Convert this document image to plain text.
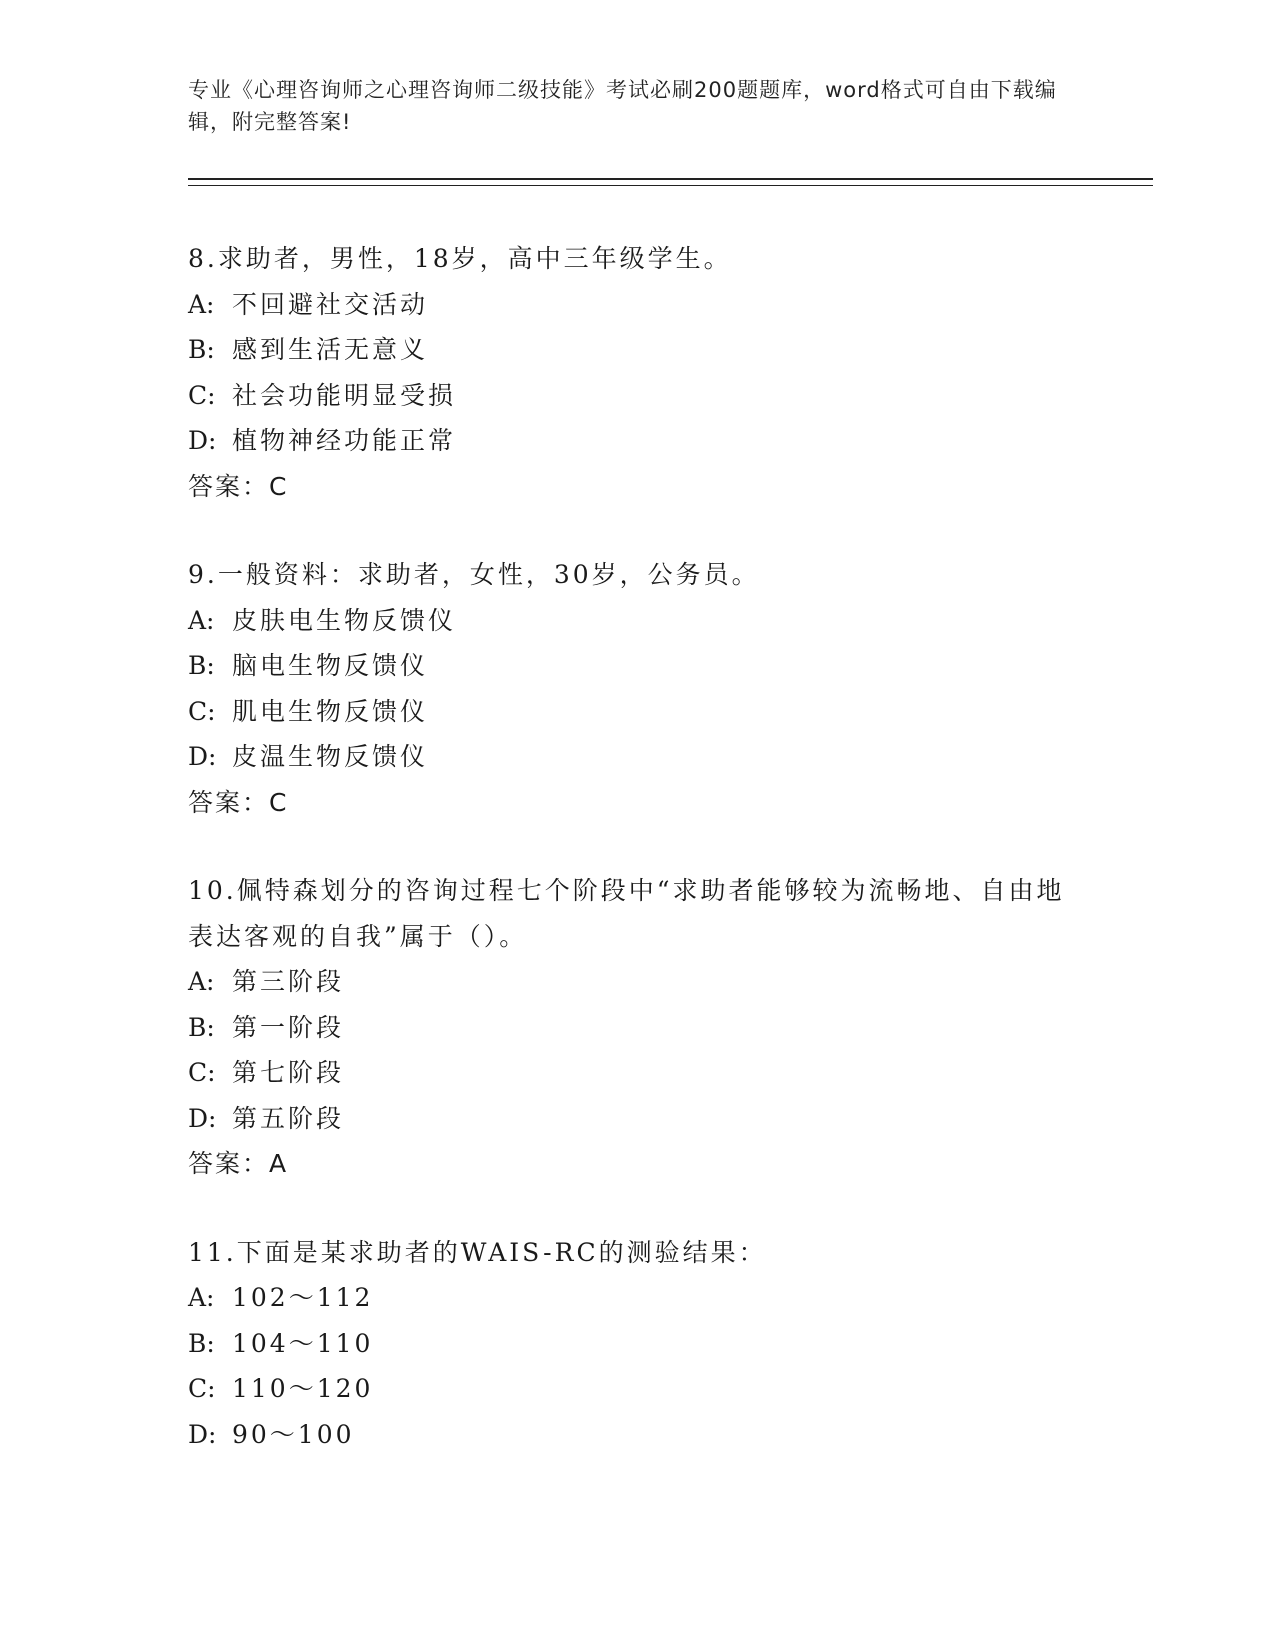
专业《心理咨询师之心理咨询师二级技能》考试必刷200题题库，word格式可自由下载编辑，附完整答案!

8.求助者，男性，18岁，高中三年级学生。

A: 不回避社交活动

B: 感到生活无意义

C: 社会功能明显受损

D: 植物神经功能正常

答案：C

9.一般资料：求助者，女性，30岁，公务员。

A: 皮肤电生物反馈仪

B: 脑电生物反馈仪

C: 肌电生物反馈仪

D: 皮温生物反馈仪

答案：C

10.佩特森划分的咨询过程七个阶段中“求助者能够较为流畅地、自由地表达客观的自我”属于（）。

A: 第三阶段

B: 第一阶段

C: 第七阶段

D: 第五阶段

答案：A

11.下面是某求助者的WAIS-RC的测验结果：

A: 102～112

B: 104～110

C: 110～120

D: 90～100
